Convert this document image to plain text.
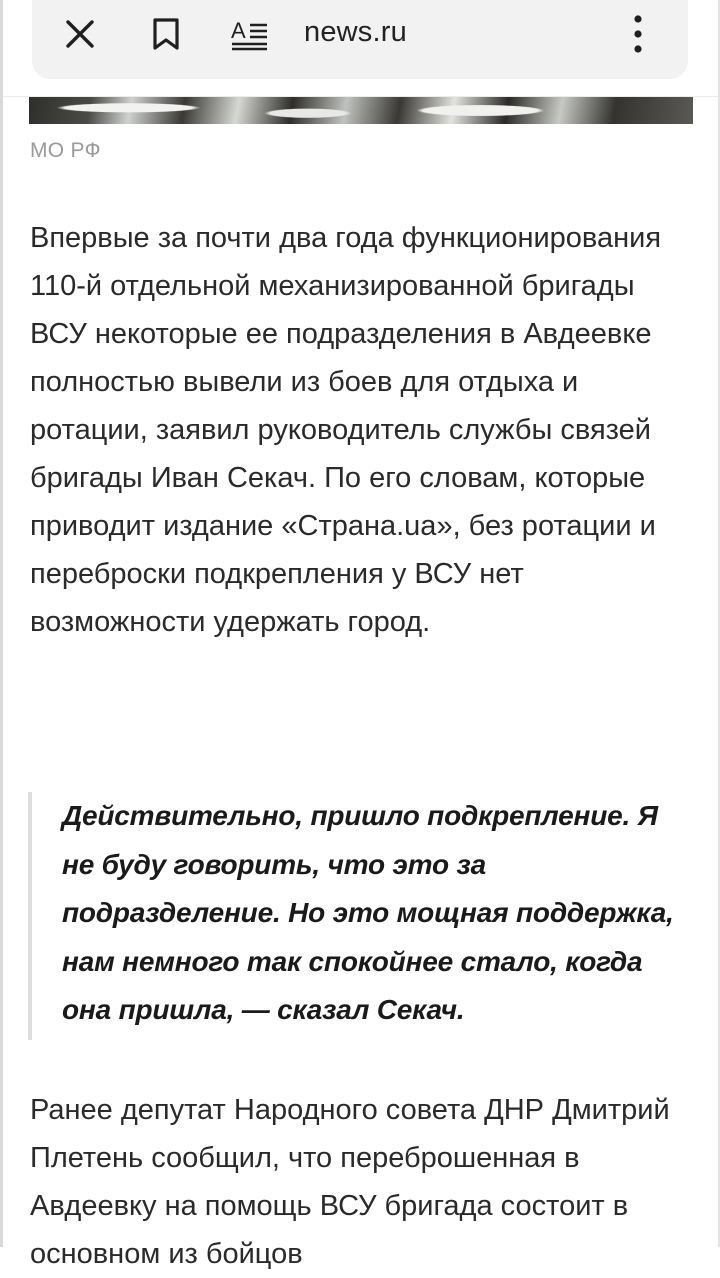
A news.ru
МО РФ

Впервые за почти два года функционирования 110-й отдельной механизированной бригады ВСУ некоторые ее подразделения в Авдеевке полностью вывели из боев для отдыха и ротации, заявил руководитель службы связей бригады Иван Секач. По его словам, которые приводит издание «Страна.ua», без ротации и переброски подкрепления у ВСУ нет возможности удержать город.

Действительно, пришло подкрепление. Я не буду говорить, что это за подразделение. Но это мощная поддержка, нам немного так спокойнее стало, когда она пришла, — сказал Секач.

Ранее депутат Народного совета ДНР Дмитрий Плетень сообщил, что переброшенная в Авдеевку на помощь ВСУ бригада состоит в основном из бойцов
